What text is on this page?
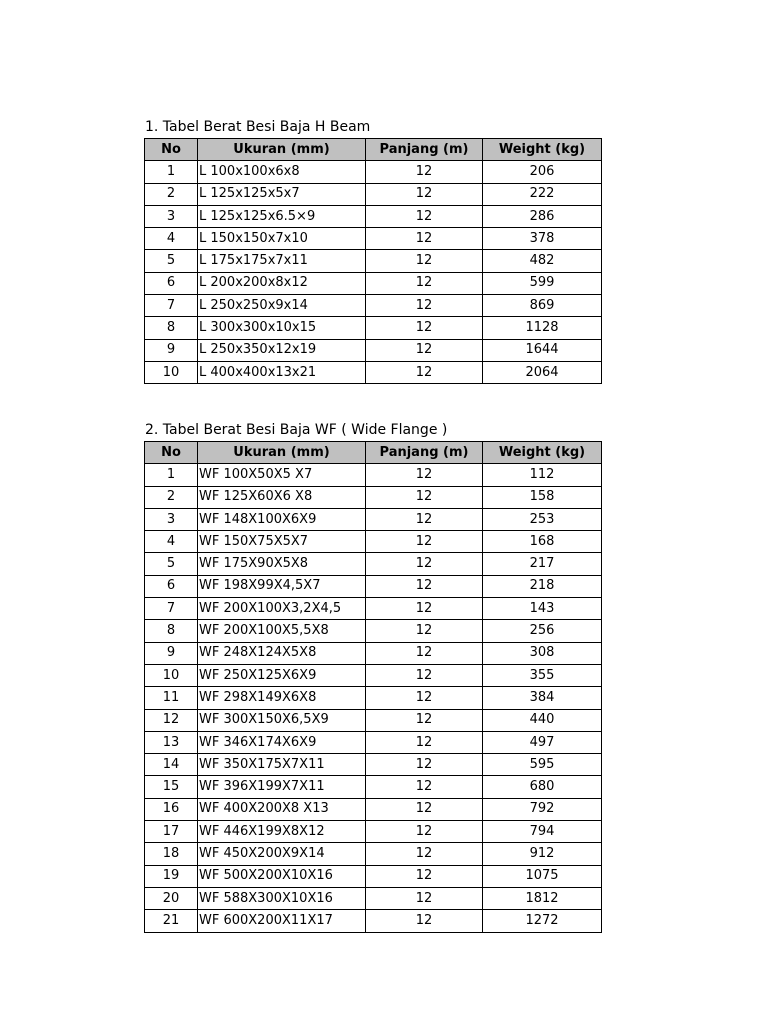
1. Tabel Berat Besi Baja H Beam
No	Ukuran (mm)	Panjang (m)	Weight (kg)
1	L 100x100x6x8	12	206
2	L 125x125x5x7	12	222
3	L 125x125x6.5×9	12	286
4	L 150x150x7x10	12	378
5	L 175x175x7x11	12	482
6	L 200x200x8x12	12	599
7	L 250x250x9x14	12	869
8	L 300x300x10x15	12	1128
9	L 250x350x12x19	12	1644
10	L 400x400x13x21	12	2064
2. Tabel Berat Besi Baja WF ( Wide Flange )
No	Ukuran (mm)	Panjang (m)	Weight (kg)
1	WF 100X50X5 X7	12	112
2	WF 125X60X6 X8	12	158
3	WF 148X100X6X9	12	253
4	WF 150X75X5X7	12	168
5	WF 175X90X5X8	12	217
6	WF 198X99X4,5X7	12	218
7	WF 200X100X3,2X4,5	12	143
8	WF 200X100X5,5X8	12	256
9	WF 248X124X5X8	12	308
10	WF 250X125X6X9	12	355
11	WF 298X149X6X8	12	384
12	WF 300X150X6,5X9	12	440
13	WF 346X174X6X9	12	497
14	WF 350X175X7X11	12	595
15	WF 396X199X7X11	12	680
16	WF 400X200X8 X13	12	792
17	WF 446X199X8X12	12	794
18	WF 450X200X9X14	12	912
19	WF 500X200X10X16	12	1075
20	WF 588X300X10X16	12	1812
21	WF 600X200X11X17	12	1272
